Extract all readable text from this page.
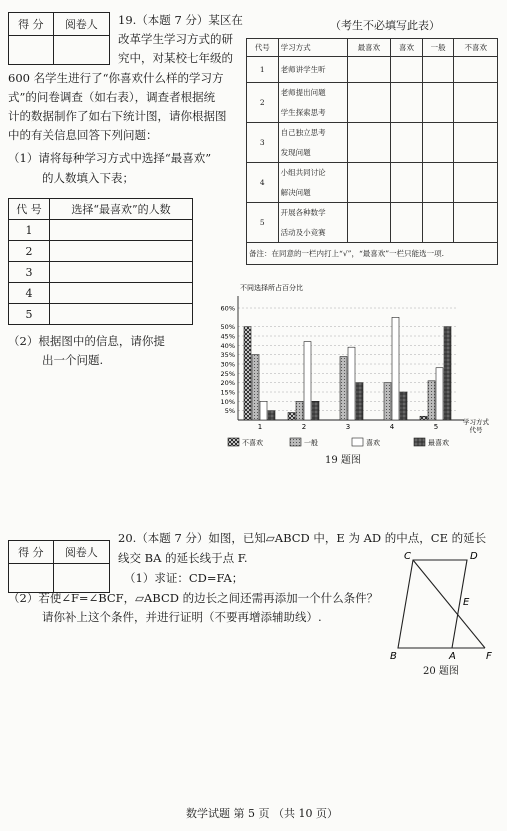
得 分	阅卷人
	19.（本题 7 分）某区在
改革学生学习方式的研
究中，对某校七年级的
600 名学生进行了“你喜欢什么样的学习方
式”的问卷调查（如右表），调查者根据统
计的数据制作了如右下统计图，请你根据图
中的有关信息回答下列问题：
（1）请将每种学习方式中选择“最喜欢”
的人数填入下表；
（考生不必填写此表）
代号	学习方式	最喜欢	喜欢	一般	不喜欢
1	老师讲学生听				
2	老师提出问题

学生探索思考				
3	自己独立思考

发现问题				
4	小组共同讨论

解决问题				
5	开展各种数学

活动及小竞赛				
备注：在同意的一栏内打上“√”，“最喜欢”一栏只能选一项.					
代 号	选择“最喜欢”的人数
1	
2	
3	
4	
5	
（2）根据图中的信息，请你提
出一个问题.
不同选择所占百分比
5%
10%
15%
20%
25%
30%
35%
40%
45%
50%
60%
1	2	3	4	5
学习方式
代号
不喜欢	一般	喜欢	最喜欢
19 题图
得 分	阅卷人

20.（本题 7 分）如图，已知▱ABCD 中，E 为 AD 的中点，CE 的延长
线交 BA 的延长线于点 F.
（1）求证：CD=FA；
（2）若使∠F=∠BCF，▱ABCD 的边长之间还需再添加一个什么条件？
请你补上这个条件，并进行证明（不要再增添辅助线）.
C	D
E
B	A	F
20 题图
数学试题 第 5 页 （共 10 页）
